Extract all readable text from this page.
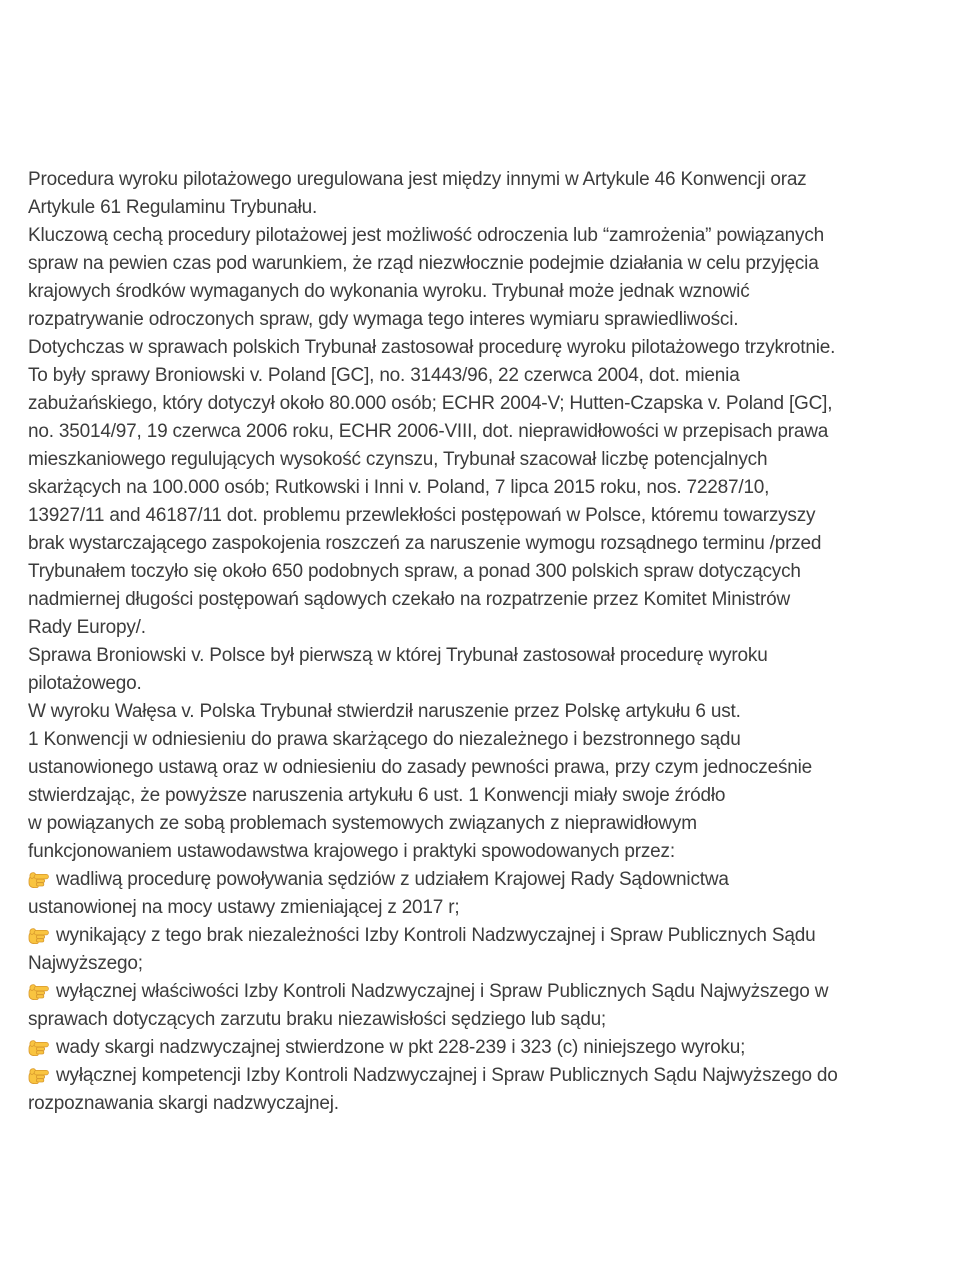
Procedura wyroku pilotażowego uregulowana jest między innymi w Artykule 46 Konwencji oraz
Artykule 61 Regulaminu Trybunału.
Kluczową cechą procedury pilotażowej jest możliwość odroczenia lub “zamrożenia” powiązanych
spraw na pewien czas pod warunkiem, że rząd niezwłocznie podejmie działania w celu przyjęcia
krajowych środków wymaganych do wykonania wyroku. Trybunał może jednak wznowić
rozpatrywanie odroczonych spraw, gdy wymaga tego interes wymiaru sprawiedliwości.
Dotychczas w sprawach polskich Trybunał zastosował procedurę wyroku pilotażowego trzykrotnie.
To były sprawy Broniowski v. Poland [GC], no. 31443/96, 22 czerwca 2004, dot. mienia
zabużańskiego, który dotyczył około 80.000 osób; ECHR 2004-V; Hutten-Czapska v. Poland [GC],
no. 35014/97, 19 czerwca 2006 roku, ECHR 2006-VIII, dot. nieprawidłowości w przepisach prawa
mieszkaniowego regulujących wysokość czynszu, Trybunał szacował liczbę potencjalnych
skarżących na 100.000 osób; Rutkowski i Inni v. Poland, 7 lipca 2015 roku, nos. 72287/10,
13927/11 and 46187/11 dot. problemu przewlekłości postępowań w Polsce, któremu towarzyszy
brak wystarczającego zaspokojenia roszczeń za naruszenie wymogu rozsądnego terminu /przed
Trybunałem toczyło się około 650 podobnych spraw, a ponad 300 polskich spraw dotyczących
nadmiernej długości postępowań sądowych czekało na rozpatrzenie przez Komitet Ministrów
Rady Europy/.
Sprawa Broniowski v. Polsce był pierwszą w której Trybunał zastosował procedurę wyroku
pilotażowego.
W wyroku Wałęsa v. Polska Trybunał stwierdził naruszenie przez Polskę artykułu 6 ust.
1 Konwencji w odniesieniu do prawa skarżącego do niezależnego i bezstronnego sądu
ustanowionego ustawą oraz w odniesieniu do zasady pewności prawa, przy czym jednocześnie
stwierdzając, że powyższe naruszenia artykułu 6 ust. 1 Konwencji miały swoje źródło
w powiązanych ze sobą problemach systemowych związanych z nieprawidłowym
funkcjonowaniem ustawodawstwa krajowego i praktyki spowodowanych przez:
wadliwą procedurę powoływania sędziów z udziałem Krajowej Rady Sądownictwa
ustanowionej na mocy ustawy zmieniającej z 2017 r;
wynikający z tego brak niezależności Izby Kontroli Nadzwyczajnej i Spraw Publicznych Sądu
Najwyższego;
wyłącznej właściwości Izby Kontroli Nadzwyczajnej i Spraw Publicznych Sądu Najwyższego w
sprawach dotyczących zarzutu braku niezawisłości sędziego lub sądu;
wady skargi nadzwyczajnej stwierdzone w pkt 228-239 i 323 (c) niniejszego wyroku;
wyłącznej kompetencji Izby Kontroli Nadzwyczajnej i Spraw Publicznych Sądu Najwyższego do
rozpoznawania skargi nadzwyczajnej.
